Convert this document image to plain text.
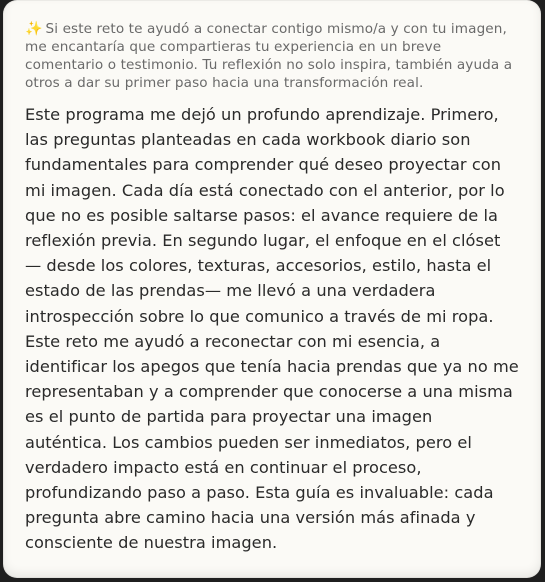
✨ Si este reto te ayudó a conectar contigo mismo/a y con tu imagen, me encantaría que compartieras tu experiencia en un breve comentario o testimonio. Tu reflexión no solo inspira, también ayuda a otros a dar su primer paso hacia una transformación real.

Este programa me dejó un profundo aprendizaje. Primero, las preguntas planteadas en cada workbook diario son fundamentales para comprender qué deseo proyectar con mi imagen. Cada día está conectado con el anterior, por lo que no es posible saltarse pasos: el avance requiere de la reflexión previa. En segundo lugar, el enfoque en el clóset — desde los colores, texturas, accesorios, estilo, hasta el estado de las prendas— me llevó a una verdadera introspección sobre lo que comunico a través de mi ropa. Este reto me ayudó a reconectar con mi esencia, a identificar los apegos que tenía hacia prendas que ya no me representaban y a comprender que conocerse a una misma es el punto de partida para proyectar una imagen auténtica. Los cambios pueden ser inmediatos, pero el verdadero impacto está en continuar el proceso, profundizando paso a paso. Esta guía es invaluable: cada pregunta abre camino hacia una versión más afinada y consciente de nuestra imagen.
